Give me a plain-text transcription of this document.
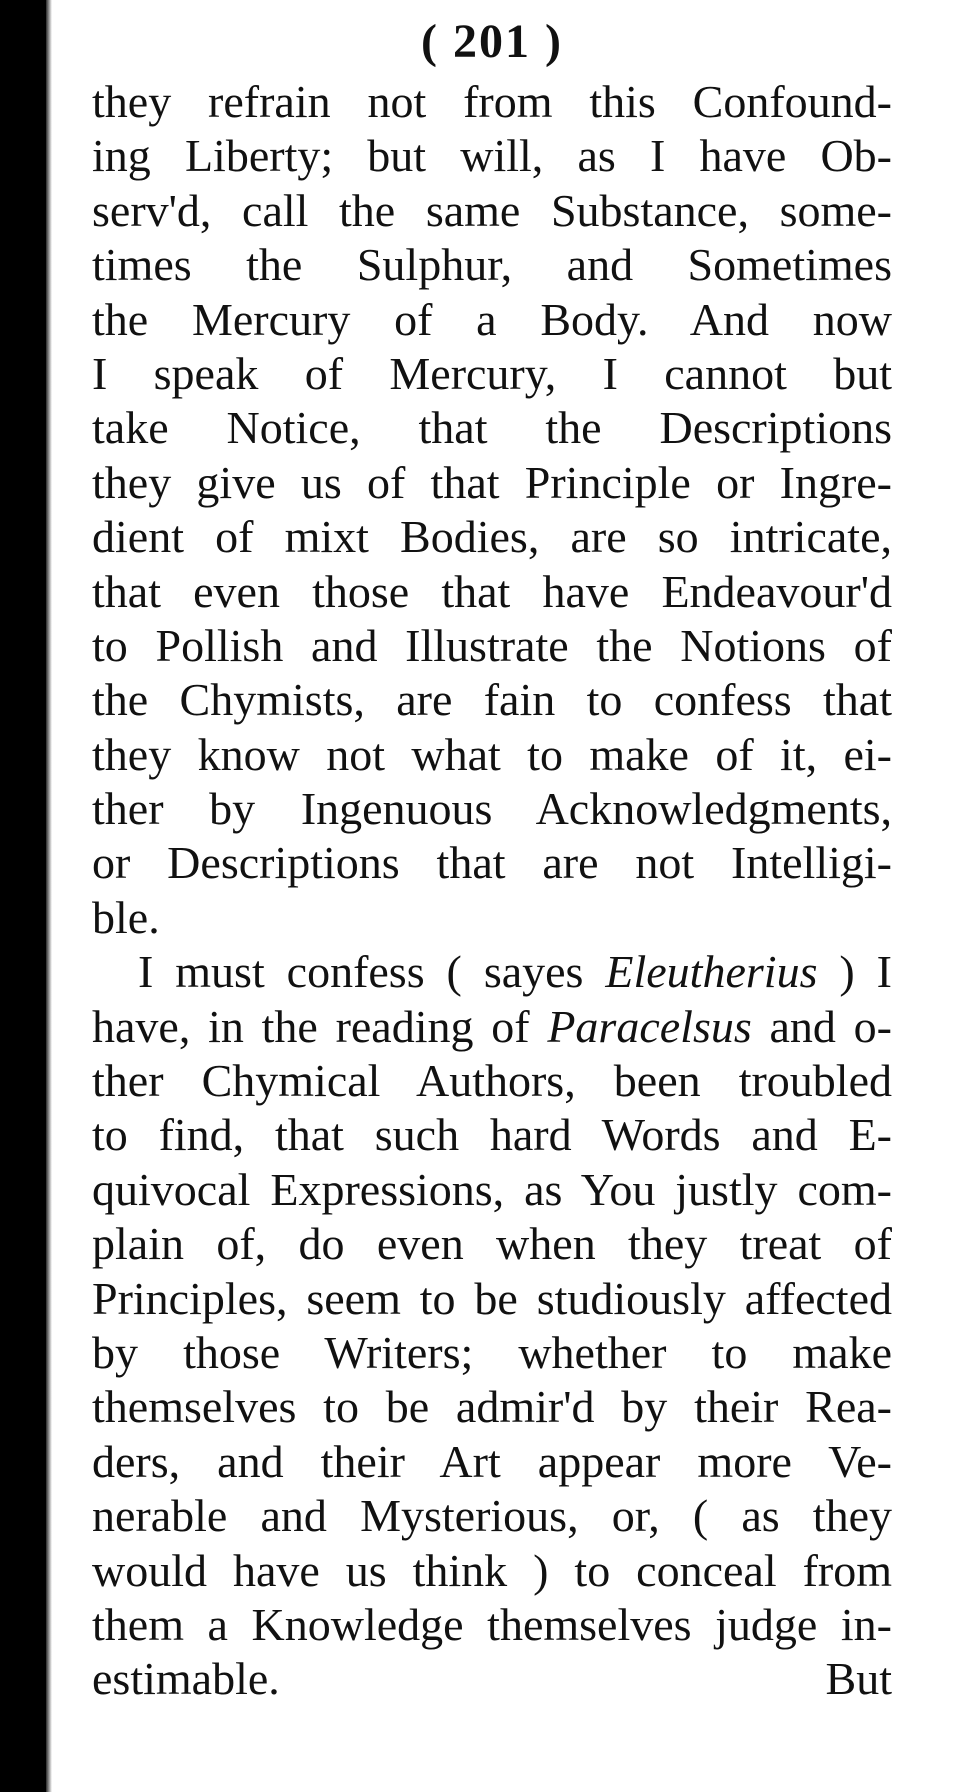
( 201 )
they refrain not from this Confound-
ing Liberty; but will, as I have Ob-
serv'd, call the same Substance, some-
times the Sulphur, and Sometimes
the Mercury of a Body. And now
I speak of Mercury, I cannot but
take Notice, that the Descriptions
they give us of that Principle or Ingre-
dient of mixt Bodies, are so intricate,
that even those that have Endeavour'd
to Pollish and Illustrate the Notions of
the Chymists, are fain to confess that
they know not what to make of it, ei-
ther by Ingenuous Acknowledgments,
or Descriptions that are not Intelligi-
ble.
I must confess ( sayes Eleutherius ) I
have, in the reading of Paracelsus and o-
ther Chymical Authors, been troubled
to find, that such hard Words and E-
quivocal Expressions, as You justly com-
plain of, do even when they treat of
Principles, seem to be studiously affected
by those Writers; whether to make
themselves to be admir'd by their Rea-
ders, and their Art appear more Ve-
nerable and Mysterious, or, ( as they
would have us think ) to conceal from
them a Knowledge themselves judge in-
estimable.	But
